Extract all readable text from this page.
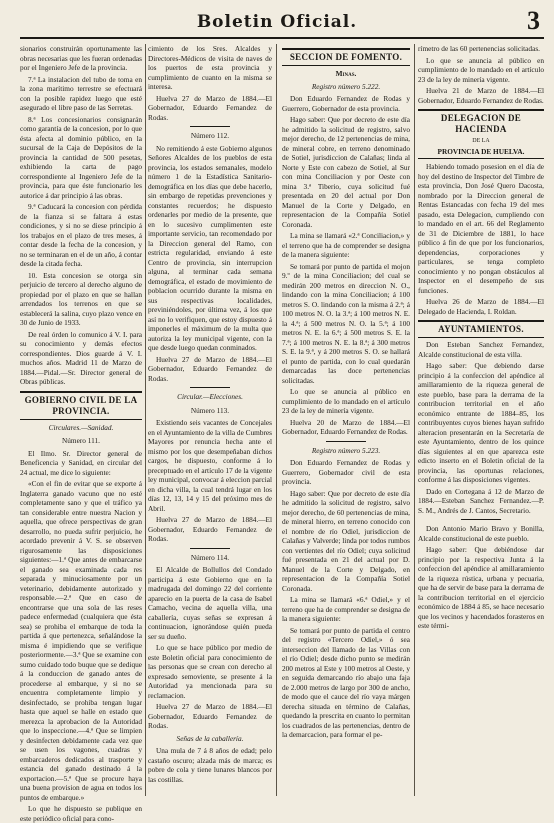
Boletin Oficial.	3

sionarios construirán oportunamente las obras necesarias que les fueran ordenadas por el Ingeniero Jefe de la provincia.

7.ª La instalacion del tubo de toma en la zona marítimo terrestre se efectuará con la posible rapidez luego que esté asegurado el libre paso de las Serretas.

8.ª Los concesionarios consignarán como garantía de la concesion, por lo que ésta afecta al dominio público, en la sucursal de la Caja de Depósitos de la provincia la cantidad de 500 pesetas, exhibiendo la carta de pago correspondiente al Ingeniero Jefe de la provincia, para que éste funcionario les autorice á dar principio á las obras.

9.ª Caducará la concesion con pérdida de la fianza si se faltara á estas condiciones, y si no se diese principio á los trabajos en el plazo de tres meses, á contar desde la fecha de la concesion, y no se terminaran en el de un año, á contar desde la citada fecha.

10. Esta concesion se otorga sin perjuicio de tercero al derecho alguno de propiedad por el plazo en que se hallan arrendados los terrenos en que se establecerá la salina, cuyo plazo vence en 30 de Junio de 1933.

De real órden lo comunico á V. I. para su conocimiento y demás efectos correspondientes. Dios guarde á V. I. muchos años. Madrid 11 de Marzo de 1884.—Pidal.—Sr. Director general de Obras públicas.

GOBIERNO CIVIL DE LA PROVINCIA.
Circulares.—Sanidad.
Número 111.

El Ilmo. Sr. Director general de Beneficencia y Sanidad, en circular del 24 actual, me dice lo siguiente:

«Con el fin de evitar que se exporte á Inglaterra ganado vacuno que no esté completamente sano y que el tráfico ya tan considerable entre nuestra Nacion y aquella, que ofrece perspectivas de gran desarrollo, no pueda sufrir perjuicio, he acordado prevenir á V. S. se observen rigurosamente las disposiciones siguientes:—1.ª Que antes de embarcarse el ganado sea examinada cada res separada y minuciosamente por un veterinario, debidamente autorizado y responsable.—2.ª Que en caso de encontrarse que una sola de las reses padece enfermedad (cualquiera que ésta sea) se prohiba el embarque de toda la partida á que pertenezca, señalándose la misma é impidiendo que se verifique posteriormente.—3.ª Que se examine con sumo cuidado todo buque que se dedique á la conduccion de ganado antes de procederse al embarque, y si no se encuentra completamente limpio y desinfectado, se prohiba tengan lugar hasta que aquel se halle en estado que merezca la aprobacion de la Autoridad que lo inspeccione.—4.ª Que se limpien y desinfecten debidamente cada vez que se usen los vagones, cuadras y embarcaderos dedicados al trasporte y estancia del ganado destinado á la exportacion.—5.ª Que se procure haya una buena provision de agua en todos los puntos de embarque.»

Lo que he dispuesto se publique en este periódico oficial para cono-

cimiento de los Sres. Alcaldes y Directores-Médicos de visita de naves de los puertos de esta provincia y cumplimiento de cuanto en la misma se interesa.

Huelva 27 de Marzo de 1884.—El Gobernador, Eduardo Fernandez de Rodas.

Número 112.

No remitiendo á este Gobierno algunos Señores Alcaldes de los pueblos de esta provincia, los estados semanales, modelo número 1 de la Estadística Sanitario-demográfica en los días que debe hacerlo, sin embargo de repetidas prevenciones y constantes recuerdos; he dispuesto ordenarles por medio de la presente, que en lo sucesivo cumplimenten este importante servicio, tan recomendado por la Direccion general del Ramo, con estricta regularidad, enviando á este Centro de provincia, sin interrupcion alguna, al terminar cada semana demográfica, el estado de movimiento de poblacion ocurrido durante la misma en sus respectivas localidades, previniéndoles, por última vez, á los que así no lo verifiquen, que estoy dispuesto á imponerles el máximum de la multa que autoriza la ley municipal vigente, con la que desde luego quedan conminados.

Huelva 27 de Marzo de 1884.—El Gobernador, Eduardo Fernandez de Rodas.

Circular.—Elecciones.
Número 113.

Existiendo seis vacantes de Concejales en el Ayuntamiento de la villa de Cumbres Mayores por renuncia hecha ante el mismo por los que desempeñaban dichos cargos, he dispuesto, conforme á lo preceptuado en el artículo 17 de la vigente ley municipal, convocar á eleccion parcial en dicha villa, la cual tendrá lugar en los días 12, 13, 14 y 15 del próximo mes de Abril.

Huelva 27 de Marzo de 1884.—El Gobernador, Eduardo Fernandez de Rodas.

Número 114.

El Alcalde de Bollullos del Condado participa á este Gobierno que en la madrugada del domingo 22 del corriente aparecio en la puerta de la casa de Isabel Camacho, vecina de aquella villa, una caballería, cuyas señas se expresan á continuacion, ignorándose quién pueda ser su dueño.

Lo que se hace público por medio de este Boletin oficial para conocimiento de las personas que se crean con derecho al expresado semoviente, se presente á la Autoridad ya mencionada para su reclamacion.

Huelva 27 de Marzo de 1884.—El Gobernador, Eduardo Fernandez de Rodas.

Señas de la caballería.

Una mula de 7 á 8 años de edad; pelo castaño oscuro; alzada más de marca; es pobre de cola y tiene lunares blancos por las costillas.

SECCION DE FOMENTO.
Minas.
Registro número 5.222.

Don Eduardo Fernandez de Rodas y Guerrero, Gobernador de esta provincia.

Hago saber: Que por decreto de este día he admitido la solicitud de registro, salvo mejor derecho, de 12 pertenencias de mina, de mineral cobre, en terreno denominado de Sotiel, jurisdiccion de Calañas; linda al Norte y Este con cabezo de Sotiel, al Sur con mina Conciliacion y por Oeste con mina 3.ª Tiberio, cuya solicitud fué presentada en 20 del actual por Don Manuel de la Corte y Delgado, en representacion de la Compañía Sotiel Coronada.

La mina se llamará «2.ª Conciliacion,» y el terreno que ha de comprender se designa de la manera siguiente:

Se tomará por punto de partida el mojon 9.º de la mina Conciliacion; del cual se medirán 200 metros en direccion N. O., lindando con la mina Conciliacion; á 100 metros S. O. lindando con la misma á 2.ª; á 100 metros N. O. la 3.ª; á 100 metros N. E. la 4.ª; á 500 metros N. O. la 5.ª; á 100 metros N. E. la 6.ª; á 500 metros S. E. la 7.ª; á 100 metros N. E. la 8.ª; á 300 metros S. E. la 9.ª, y á 200 metros S. O. se hallará el punto de partida, con lo cual quedarán demarcadas las doce pertenencias solicitadas.

Lo que se anuncia al público en cumplimiento de lo mandado en el artículo 23 de la ley de minería vigente.

Huelva 20 de Marzo de 1884.—El Gobernador, Eduardo Fernandez de Rodas.

Registro número 5.223.

Don Eduardo Fernandez de Rodas y Guerrero, Gobernador civil de esta provincia.

Hago saber: Que por decreto de este día he admitido la solicitud de registro, salvo mejor derecho, de 60 pertenencias de mina, de mineral hierro, en terreno conocido con el nombre de río Odiel, jurisdiccion de Calañas y Valverde; linda por todos rumbos con vertientes del río Odiel; cuya solicitud fué presentada en 21 del actual por D. Manuel de la Corte y Delgado, en representacion de la Compañía Sotiel Coronada.

La mina se llamará «6.ª Odiel,» y el terreno que ha de comprender se designa de la manera siguiente:

Se tomará por punto de partida el centro del registro «Tercero Odiel,» ó sea interseccion del llamado de las Villas con el río Odiel; desde dicho punto se medirán 200 metros al Este y 100 metros al Oeste, y en seguida demarcando río abajo una faja de 2.000 metros de largo por 300 de ancho, de modo que el cauce del río vaya márgen derecha situada en término de Calañas, quedando la prescrita en cuanto lo permitan los cuadrados de las pertenencias, dentro de la demarcacion, para formar el pe-

rímetro de las 60 pertenencias solicitadas.

Lo que se anuncia al público en cumplimiento de lo mandado en el artículo 23 de la ley de minería vigente.

Huelva 21 de Marzo de 1884.—El Gobernador, Eduardo Fernandez de Rodas.

DELEGACION DE HACIENDA
DE LA
PROVINCIA DE HUELVA.

Habiendo tomado posesion en el día de hoy del destino de Inspector del Timbre de esta provincia, Don José Quero Dacosta, nombrado por la Direccion general de Rentas Estancadas con fecha 19 del mes pasado, esta Delegacion, cumpliendo con lo mandado en el art. 66 del Reglamento de 31 de Diciembre de 1881, lo hace público á fin de que por los funcionarios, dependencias, corporaciones y particulares, se tenga completo conocimiento y no pongan obstáculos al Inspector en el desempeño de sus funciones.

Huelva 26 de Marzo de 1884.—El Delegado de Hacienda, I. Roldan.

AYUNTAMIENTOS.

Don Esteban Sanchez Fernandez, Alcalde constitucional de esta villa.

Hago saber: Que debiendo darse principio á la confeccion del apéndice al amillaramiento de la riqueza general de este pueblo, base para la derrama de la contribucion territorial en el año económico entrante de 1884–85, los contribuyentes cuyos bienes hayan sufrido alteracion presentarán en la Secretaría de este Ayuntamiento, dentro de los quince días siguientes al en que aparezca este edicto inserto en el Boletin oficial de la provincia, las oportunas relaciones, conforme á las disposiciones vigentes.

Dado en Cortegana á 12 de Marzo de 1884.—Esteban Sanchez Fernandez.—P. S. M., Andrés de J. Cantos, Secretario.

Don Antonio Mario Bravo y Bonilla, Alcalde constitucional de este pueblo.

Hago saber: Que debiéndose dar principio por la respectiva Junta á la confeccion del apéndice al amillaramiento de la riqueza rústica, urbana y pecuaria, que ha de servir de base para la derrama de la contribucion territorial en el ejercicio económico de 1884 á 85, se hace necesario que los vecinos y hacendados forasteros en este térmi-
